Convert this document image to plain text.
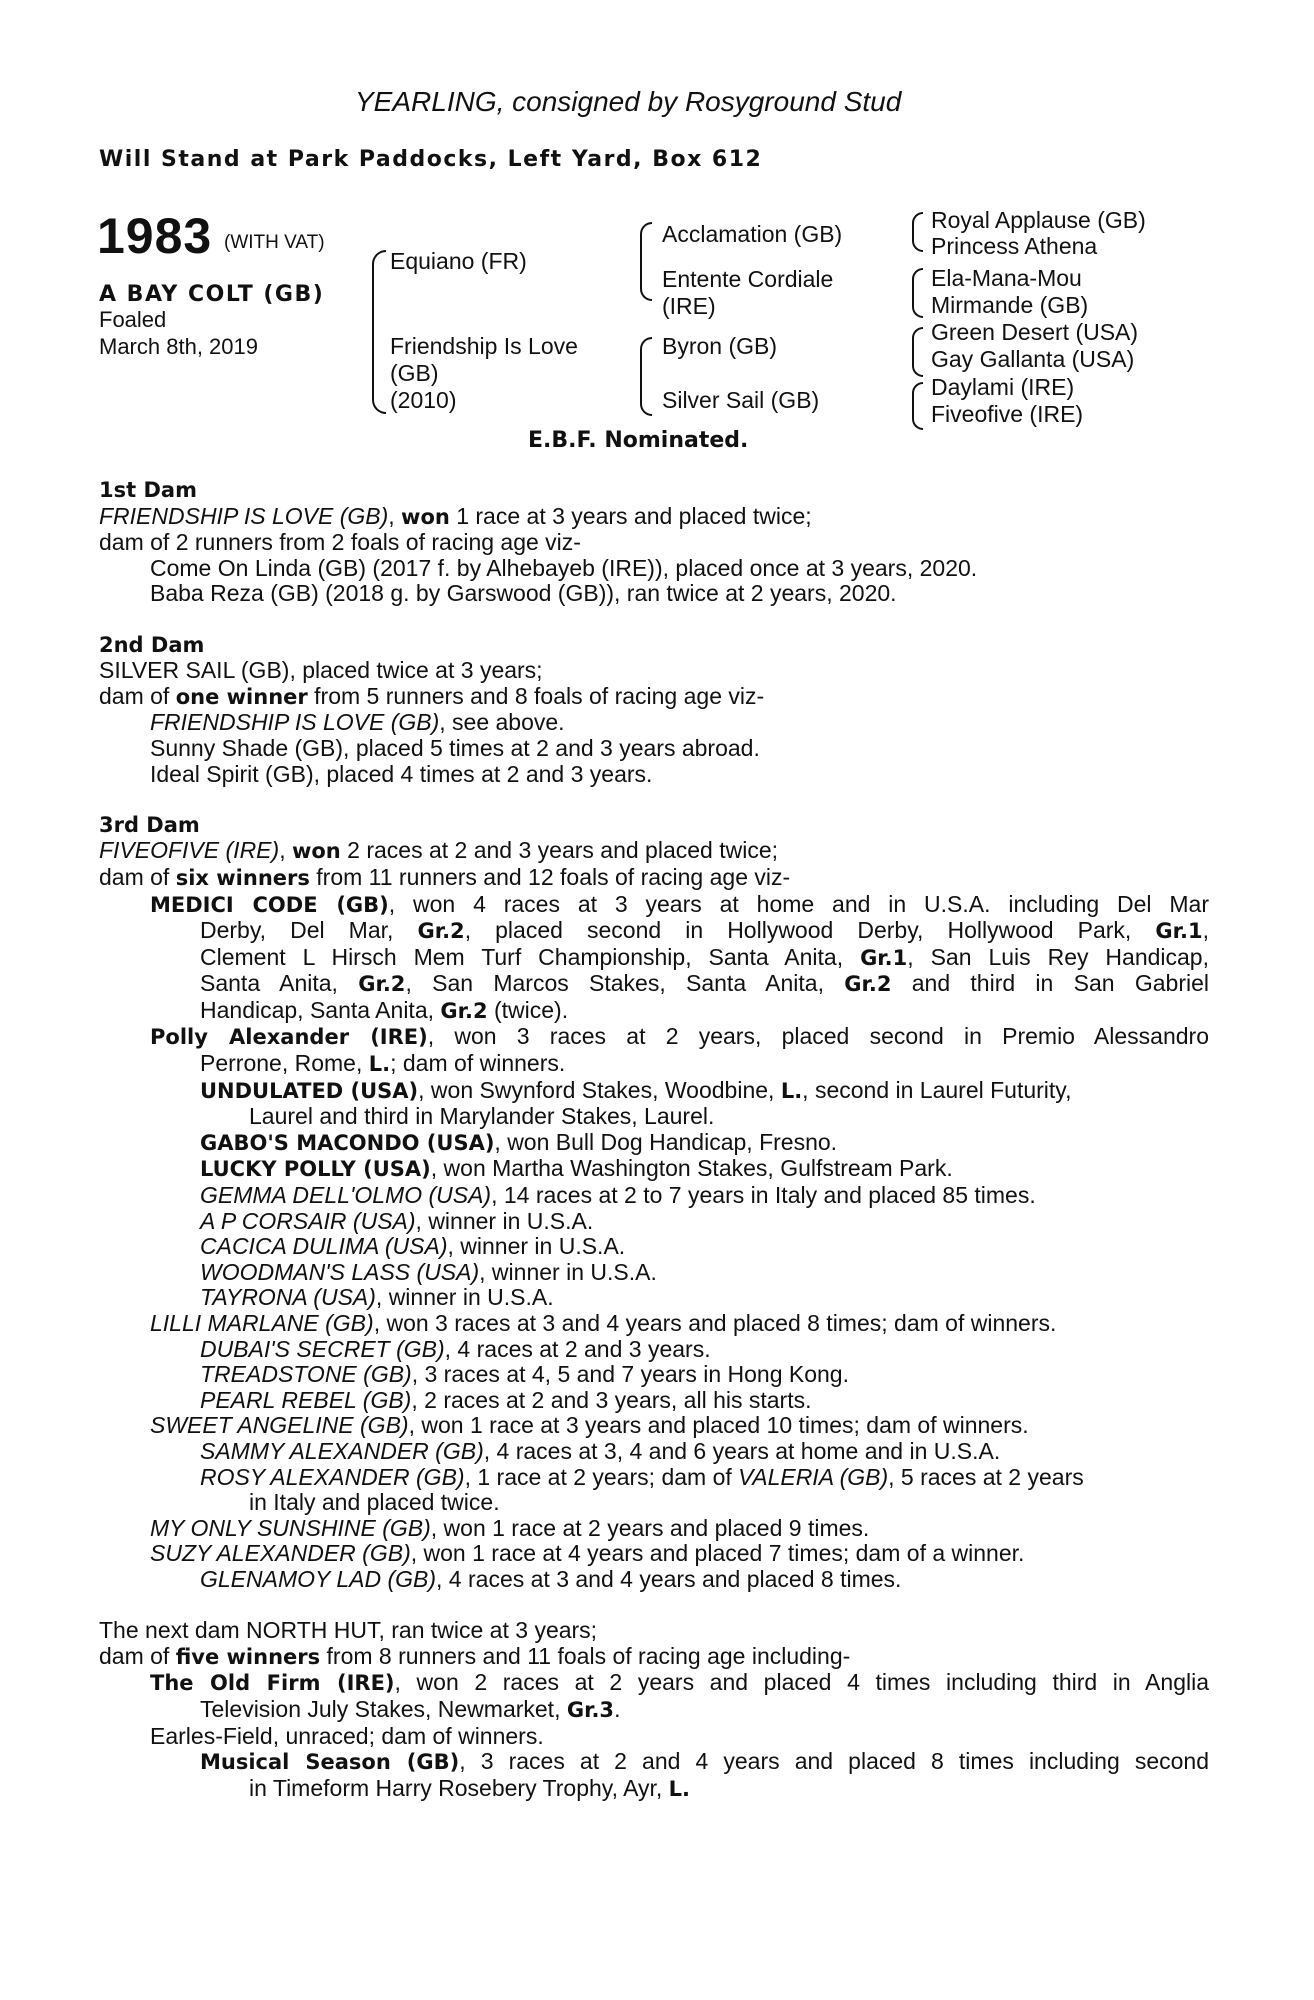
YEARLING, consigned by Rosyground Stud
Will Stand at Park Paddocks, Left Yard, Box 612
1983 (WITH VAT)
A BAY COLT (GB)
Foaled
March 8th, 2019
Equiano (FR)
Friendship Is Love
(GB)
(2010)
Acclamation (GB)
Entente Cordiale
(IRE)
Byron (GB)
Silver Sail (GB)
Royal Applause (GB)
Princess Athena
Ela-Mana-Mou
Mirmande (GB)
Green Desert (USA)
Gay Gallanta (USA)
Daylami (IRE)
Fiveofive (IRE)
E.B.F. Nominated.
1st Dam
FRIENDSHIP IS LOVE (GB), won 1 race at 3 years and placed twice;
dam of 2 runners from 2 foals of racing age viz-
Come On Linda (GB) (2017 f. by Alhebayeb (IRE)), placed once at 3 years, 2020.
Baba Reza (GB) (2018 g. by Garswood (GB)), ran twice at 2 years, 2020.
2nd Dam
SILVER SAIL (GB), placed twice at 3 years;
dam of one winner from 5 runners and 8 foals of racing age viz-
FRIENDSHIP IS LOVE (GB), see above.
Sunny Shade (GB), placed 5 times at 2 and 3 years abroad.
Ideal Spirit (GB), placed 4 times at 2 and 3 years.
3rd Dam
FIVEOFIVE (IRE), won 2 races at 2 and 3 years and placed twice;
dam of six winners from 11 runners and 12 foals of racing age viz-
MEDICI CODE (GB), won 4 races at 3 years at home and in U.S.A. including Del Mar
Derby, Del Mar, Gr.2, placed second in Hollywood Derby, Hollywood Park, Gr.1,
Clement L Hirsch Mem Turf Championship, Santa Anita, Gr.1, San Luis Rey Handicap,
Santa Anita, Gr.2, San Marcos Stakes, Santa Anita, Gr.2 and third in San Gabriel
Handicap, Santa Anita, Gr.2 (twice).
Polly Alexander (IRE), won 3 races at 2 years, placed second in Premio Alessandro
Perrone, Rome, L.; dam of winners.
UNDULATED (USA), won Swynford Stakes, Woodbine, L., second in Laurel Futurity,
Laurel and third in Marylander Stakes, Laurel.
GABO'S MACONDO (USA), won Bull Dog Handicap, Fresno.
LUCKY POLLY (USA), won Martha Washington Stakes, Gulfstream Park.
GEMMA DELL'OLMO (USA), 14 races at 2 to 7 years in Italy and placed 85 times.
A P CORSAIR (USA), winner in U.S.A.
CACICA DULIMA (USA), winner in U.S.A.
WOODMAN'S LASS (USA), winner in U.S.A.
TAYRONA (USA), winner in U.S.A.
LILLI MARLANE (GB), won 3 races at 3 and 4 years and placed 8 times; dam of winners.
DUBAI'S SECRET (GB), 4 races at 2 and 3 years.
TREADSTONE (GB), 3 races at 4, 5 and 7 years in Hong Kong.
PEARL REBEL (GB), 2 races at 2 and 3 years, all his starts.
SWEET ANGELINE (GB), won 1 race at 3 years and placed 10 times; dam of winners.
SAMMY ALEXANDER (GB), 4 races at 3, 4 and 6 years at home and in U.S.A.
ROSY ALEXANDER (GB), 1 race at 2 years; dam of VALERIA (GB), 5 races at 2 years
in Italy and placed twice.
MY ONLY SUNSHINE (GB), won 1 race at 2 years and placed 9 times.
SUZY ALEXANDER (GB), won 1 race at 4 years and placed 7 times; dam of a winner.
GLENAMOY LAD (GB), 4 races at 3 and 4 years and placed 8 times.
The next dam NORTH HUT, ran twice at 3 years;
dam of five winners from 8 runners and 11 foals of racing age including-
The Old Firm (IRE), won 2 races at 2 years and placed 4 times including third in Anglia
Television July Stakes, Newmarket, Gr.3.
Earles-Field, unraced; dam of winners.
Musical Season (GB), 3 races at 2 and 4 years and placed 8 times including second
in Timeform Harry Rosebery Trophy, Ayr, L.
